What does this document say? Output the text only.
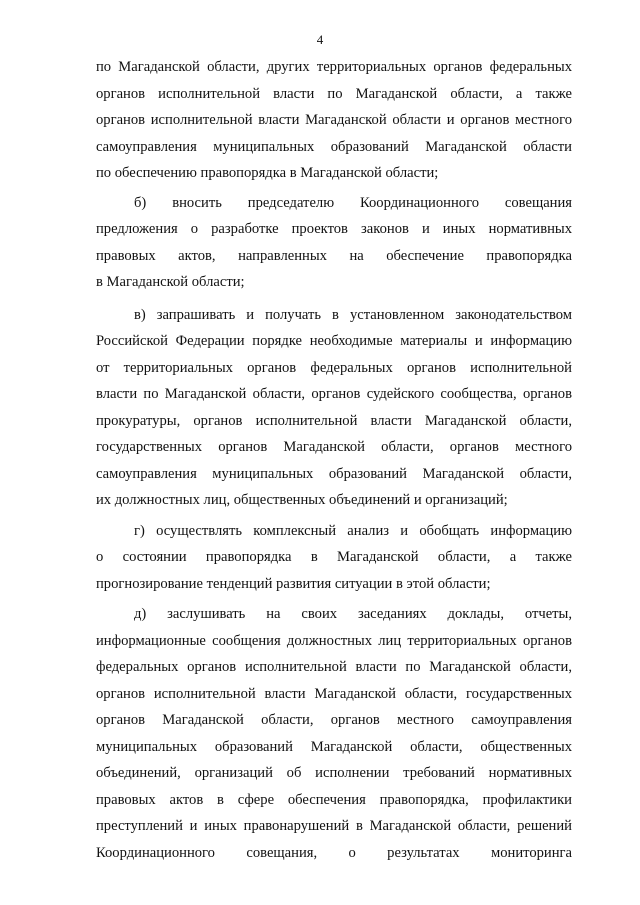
4

по Магаданской области, других территориальных органов федеральных
органов исполнительной власти по Магаданской области, а также
органов исполнительной власти Магаданской области и органов местного
самоуправления муниципальных образований Магаданской области
по обеспечению правопорядка в Магаданской области;

б) вносить председателю Координационного совещания
предложения о разработке проектов законов и иных нормативных
правовых актов, направленных на обеспечение правопорядка
в Магаданской области;

в) запрашивать и получать в установленном законодательством
Российской Федерации порядке необходимые материалы и информацию
от территориальных органов федеральных органов исполнительной
власти по Магаданской области, органов судейского сообщества, органов
прокуратуры, органов исполнительной власти Магаданской области,
государственных органов Магаданской области, органов местного
самоуправления муниципальных образований Магаданской области,
их должностных лиц, общественных объединений и организаций;

г) осуществлять комплексный анализ и обобщать информацию
о состоянии правопорядка в Магаданской области, а также
прогнозирование тенденций развития ситуации в этой области;

д) заслушивать на своих заседаниях доклады, отчеты,
информационные сообщения должностных лиц территориальных органов
федеральных органов исполнительной власти по Магаданской области,
органов исполнительной власти Магаданской области, государственных
органов Магаданской области, органов местного самоуправления
муниципальных образований Магаданской области, общественных
объединений, организаций об исполнении требований нормативных
правовых актов в сфере обеспечения правопорядка, профилактики
преступлений и иных правонарушений в Магаданской области, решений
Координационного совещания, о результатах мониторинга
